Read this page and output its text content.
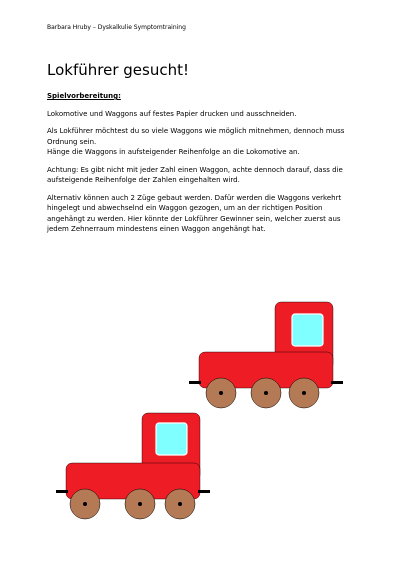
Barbara Hruby – Dyskalkulie Symptomtraining
Lokführer gesucht!

Spielvorbereitung:

Lokomotive und Waggons auf festes Papier drucken und ausschneiden.

Als Lokführer möchtest du so viele Waggons wie möglich mitnehmen, dennoch muss Ordnung sein.

Hänge die Waggons in aufsteigender Reihenfolge an die Lokomotive an.

Achtung: Es gibt nicht mit jeder Zahl einen Waggon, achte dennoch darauf, dass die aufsteigende Reihenfolge der Zahlen eingehalten wird.

Alternativ können auch 2 Züge gebaut werden. Dafür werden die Waggons verkehrt hingelegt und abwechselnd ein Waggon gezogen, um an der richtigen Position angehängt zu werden. Hier könnte der Lokführer Gewinner sein, welcher zuerst aus jedem Zehnerraum mindestens einen Waggon angehängt hat.
